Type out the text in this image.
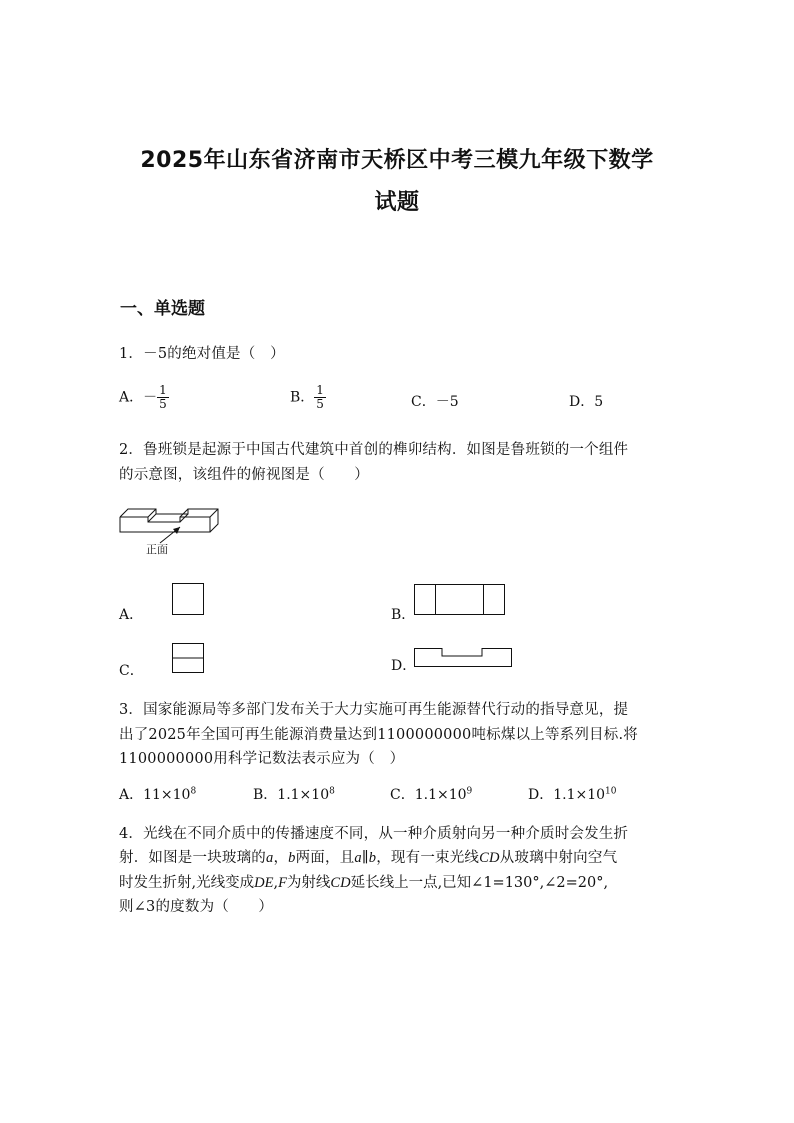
2025年山东省济南市天桥区中考三模九年级下数学
试题
一、单选题
1．－5的绝对值是（　）
A．－ $\frac{1}{5}$	B． $\frac{1}{5}$	C．－5	D．5
2．鲁班锁是起源于中国古代建筑中首创的榫卯结构．如图是鲁班锁的一个组件
的示意图，该组件的俯视图是（　　）
正面
A．	B．
C．	D．
3．国家能源局等多部门发布关于大力实施可再生能源替代行动的指导意见，提
出了2025年全国可再生能源消费量达到1100000000吨标煤以上等系列目标.将
1100000000用科学记数法表示应为（　）
A．$11\times 10^8$	B．$1.1\times 10^8$	C．$1.1\times 10^9$	D．$1.1\times 10^{10}$
4．光线在不同介质中的传播速度不同，从一种介质射向另一种介质时会发生折
射．如图是一块玻璃的a，b两面，且a∥b，现有一束光线CD从玻璃中射向空气
时发生折射,光线变成DE,F为射线CD延长线上一点,已知∠1=130°,∠2=20°,
则∠3的度数为（　　）
